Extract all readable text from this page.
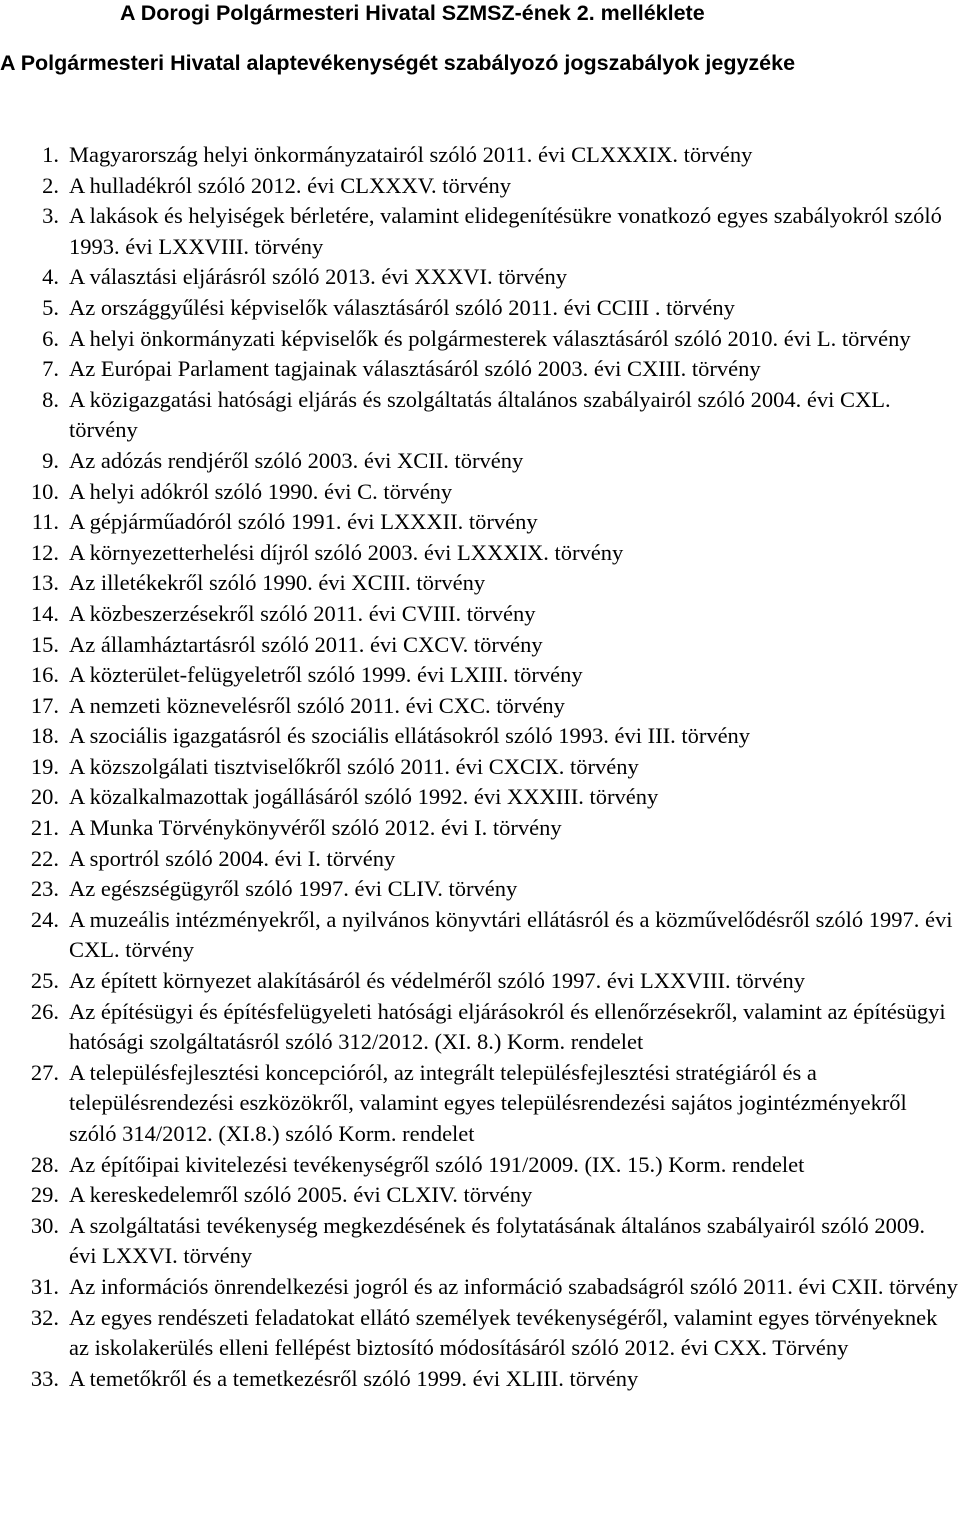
A Dorogi Polgármesteri Hivatal SZMSZ-ének 2. melléklete
A Polgármesteri Hivatal alaptevékenységét szabályozó jogszabályok jegyzéke
1. Magyarország helyi önkormányzatairól szóló 2011. évi CLXXXIX. törvény
2. A hulladékról szóló 2012. évi CLXXXV. törvény
3. A lakások és helyiségek bérletére, valamint elidegenítésükre vonatkozó egyes szabályokról szóló 1993. évi LXXVIII. törvény
4. A választási eljárásról szóló 2013. évi XXXVI. törvény
5. Az országgyűlési képviselők választásáról szóló 2011. évi CCIII . törvény
6. A helyi önkormányzati képviselők és polgármesterek választásáról szóló 2010. évi L. törvény
7. Az Európai Parlament tagjainak választásáról szóló 2003. évi CXIII. törvény
8. A közigazgatási hatósági eljárás és szolgáltatás általános szabályairól szóló 2004. évi CXL. törvény
9. Az adózás rendjéről szóló 2003. évi XCII. törvény
10. A helyi adókról szóló 1990. évi C. törvény
11. A gépjárműadóról szóló 1991. évi LXXXII. törvény
12. A környezetterhelési díjról szóló 2003. évi LXXXIX. törvény
13. Az illetékekről szóló 1990. évi XCIII. törvény
14. A közbeszerzésekről szóló 2011. évi CVIII. törvény
15. Az államháztartásról szóló 2011. évi CXCV. törvény
16. A közterület-felügyeletről szóló 1999. évi LXIII. törvény
17. A nemzeti köznevelésről szóló 2011. évi CXC. törvény
18. A szociális igazgatásról és szociális ellátásokról szóló 1993. évi III. törvény
19. A közszolgálati tisztviselőkről szóló 2011. évi CXCIX. törvény
20. A közalkalmazottak jogállásáról szóló 1992. évi XXXIII. törvény
21. A Munka Törvénykönyvéről szóló 2012. évi I. törvény
22. A sportról szóló 2004. évi I. törvény
23. Az egészségügyről szóló 1997. évi CLIV. törvény
24. A muzeális intézményekről, a nyilvános könyvtári ellátásról és a közművelődésről szóló 1997. évi CXL. törvény
25. Az épített környezet alakításáról és védelméről szóló 1997. évi LXXVIII. törvény
26. Az építésügyi és építésfelügyeleti hatósági eljárásokról és ellenőrzésekről, valamint az építésügyi hatósági szolgáltatásról szóló 312/2012. (XI. 8.) Korm. rendelet
27. A településfejlesztési koncepcióról, az integrált településfejlesztési stratégiáról és a településrendezési eszközökről, valamint egyes településrendezési sajátos jogintézményekről szóló 314/2012. (XI.8.) szóló Korm. rendelet
28. Az építőipai kivitelezési tevékenységről szóló 191/2009. (IX. 15.) Korm. rendelet
29. A kereskedelemről szóló 2005. évi CLXIV. törvény
30. A szolgáltatási tevékenység megkezdésének és folytatásának általános szabályairól szóló 2009. évi LXXVI. törvény
31. Az információs önrendelkezési jogról és az információ szabadságról szóló 2011. évi CXII. törvény
32. Az egyes rendészeti feladatokat ellátó személyek tevékenységéről, valamint egyes törvényeknek az iskolakerülés elleni fellépést biztosító módosításáról szóló 2012. évi CXX. Törvény
33. A temetőkről és a temetkezésről szóló 1999. évi XLIII. törvény
